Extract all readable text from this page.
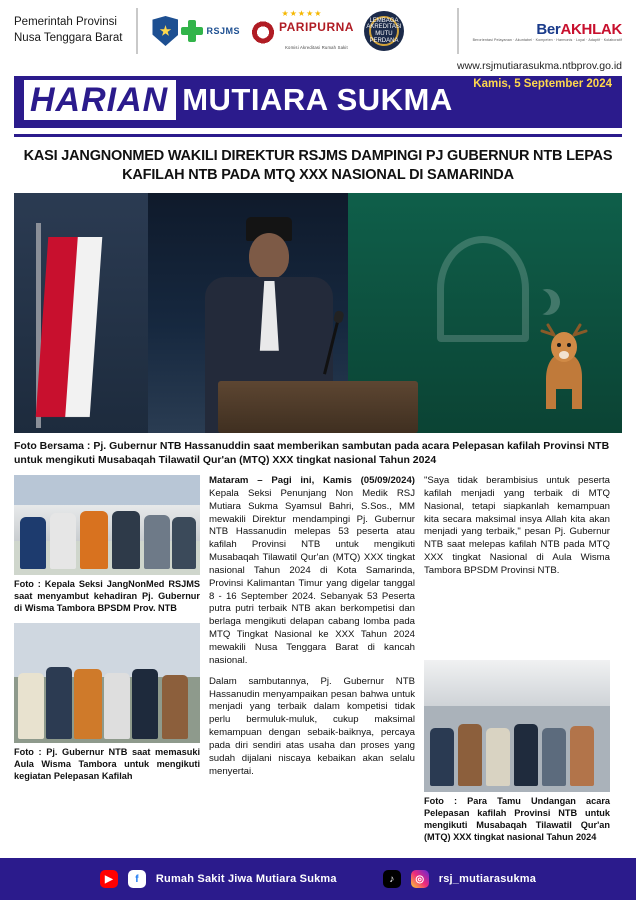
Pemerintah Provinsi
Nusa Tenggara Barat
RSJMS
★★★★★
PARIPURNA
Komisi Akreditasi Rumah Sakit
LEMBAGA AKREDITASI MUTU PERDANA
BerAKHLAK
Berorientasi Pelayanan · Akuntabel · Kompeten · Harmonis · Loyal · Adaptif · Kolaboratif
www.rsjmutiarasukma.ntbprov.go.id
HARIAN MUTIARA SUKMA Kamis, 5 September 2024
KASI JANGNONMED WAKILI DIREKTUR RSJMS DAMPINGI PJ GUBERNUR NTB LEPAS KAFILAH NTB PADA MTQ XXX NASIONAL DI SAMARINDA
Foto Bersama : Pj. Gubernur NTB Hassanuddin saat memberikan sambutan pada acara Pelepasan kafilah Provinsi NTB untuk mengikuti Musabaqah Tilawatil Qur'an (MTQ) XXX tingkat nasional Tahun 2024
Foto : Kepala Seksi JangNonMed RSJMS saat menyambut kehadiran Pj. Gubernur di Wisma Tambora BPSDM Prov. NTB
Foto : Pj. Gubernur NTB saat memasuki Aula Wisma Tambora untuk mengikuti kegiatan Pelepasan Kafilah

Mataram – Pagi ini, Kamis (05/09/2024) Kepala Seksi Penunjang Non Medik RSJ Mutiara Sukma Syamsul Bahri, S.Sos., MM mewakili Direktur mendampingi Pj. Gubernur NTB Hassanudin melepas 53 peserta atau kafilah Provinsi NTB untuk mengikuti Musabaqah Tilawatil Qur'an (MTQ) XXX tingkat nasional Tahun 2024 di Kota Samarinda, Provinsi Kalimantan Timur yang digelar tanggal 8 - 16 September 2024. Sebanyak 53 Peserta putra putri terbaik NTB akan berkompetisi dan berlaga mengikuti delapan cabang lomba pada MTQ Tingkat Nasional ke XXX Tahun 2024 mewakili Nusa Tenggara Barat di kancah nasional.

Dalam sambutannya, Pj. Gubernur NTB Hassanudin menyampaikan pesan bahwa untuk menjadi yang terbaik dalam kompetisi tidak perlu bermuluk-muluk, cukup maksimal kemampuan dengan sebaik-baiknya, percaya pada diri sendiri atas usaha dan proses yang sudah dijalani niscaya kebaikan akan selalu menyertai.

"Saya tidak berambisius untuk peserta kafilah menjadi yang terbaik di MTQ Nasional, tetapi siapkanlah kemampuan kita secara maksimal insya Allah kita akan menjadi yang terbaik," pesan Pj. Gubernur NTB saat melepas kafilah NTB pada MTQ XXX tingkat Nasional di Aula Wisma Tambora BPSDM Provinsi NTB.
Foto : Para Tamu Undangan acara Pelepasan kafilah Provinsi NTB untuk mengikuti Musabaqah Tilawatil Qur'an (MTQ) XXX tingkat nasional Tahun 2024
▶	f	Rumah Sakit Jiwa Mutiara Sukma	♪	◎	rsj_mutiarasukma
